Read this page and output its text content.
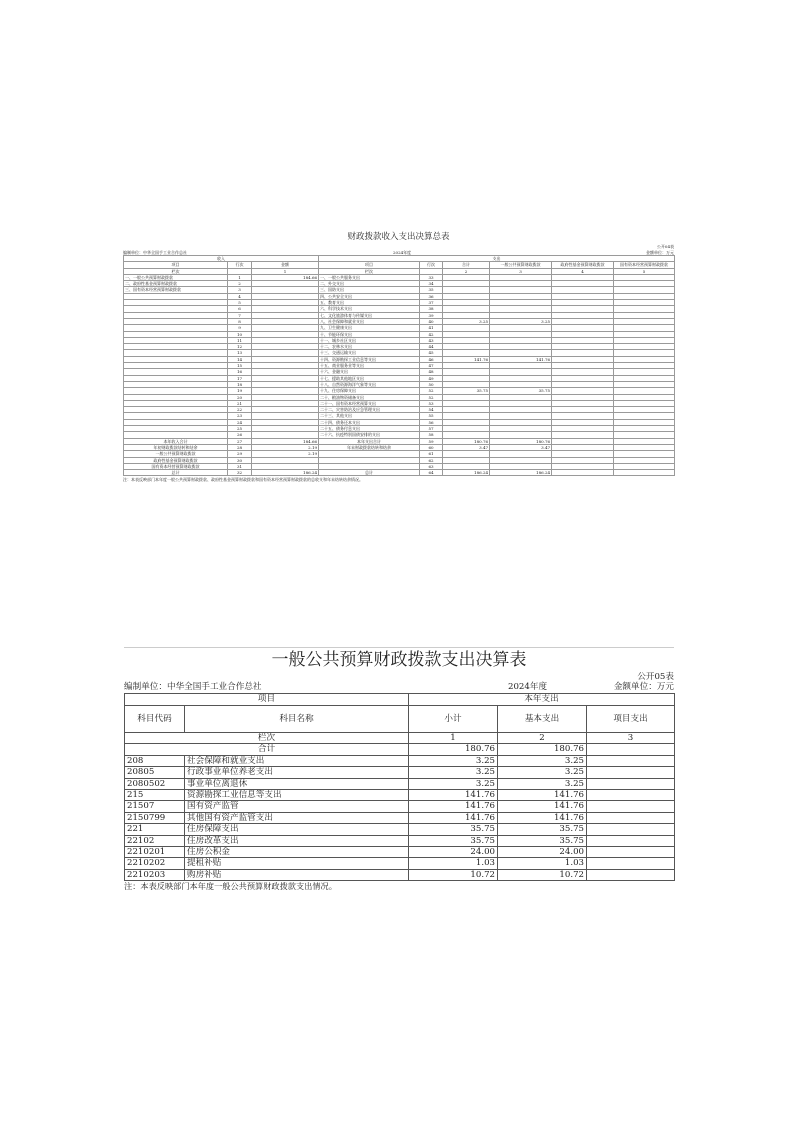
财政拨款收入支出决算总表
公开04表
编制单位：中华全国手工业合作总社	2024年度	金额单位：万元
收入			支出					
项目	行次	金额	项目	行次	合计	一般公共预算财政拨款	政府性基金预算财政拨款	国有资本经营预算财政拨款
栏次		1	栏次		2	3	4	5
一、一般公共预算财政拨款	1	184.66	一、一般公共服务支出	33				
二、政府性基金预算财政拨款	2		二、外交支出	34				
三、国有资本经营预算财政拨款	3		三、国防支出	35				
	4		四、公共安全支出	36				
	5		五、教育支出	37				
	6		六、科学技术支出	38				
	7		七、文化旅游体育与传媒支出	39				
	8		八、社会保障和就业支出	40	3.25	3.25		
	9		九、卫生健康支出	41				
	10		十、节能环保支出	42				
	11		十一、城乡社区支出	43				
	12		十二、农林水支出	44				
	13		十三、交通运输支出	45				
	14		十四、资源勘探工业信息等支出	46	141.76	141.76		
	15		十五、商业服务业等支出	47				
	16		十六、金融支出	48				
	17		十七、援助其他地区支出	49				
	18		十八、自然资源海洋气象等支出	50				
	19		十九、住房保障支出	52	35.75	35.75		
	20		二十、粮油物资储备支出	52				
	21		二十一、国有资本经营预算支出	53				
	22		二十二、灾害防治及应急管理支出	54				
	23		二十三、其他支出	55				
	24		二十四、债务还本支出	56				
	25		二十五、债务付息支出	57				
	26		二十六、抗疫特别国债安排的支出	58				
本年收入合计	27	184.66	本年支出合计	59	180.76	180.76		
年初财政拨款结转和结余	28	2.19	年末财政拨款结转和结余	60	3.47	3.47		
一般公共预算财政拨款	29	2.19		61				
政府性基金预算财政拨款	30			62				
国有资本经营预算财政拨款	31			63				
总计	32	186.24	总计	64	186.24	186.24		
注：本表反映部门本年度一般公共预算财政拨款、政府性基金预算财政拨款和国有资本经营预算财政拨款的总收支和年末结转结余情况。
一般公共预算财政拨款支出决算表
公开05表
编制单位：中华全国手工业合作总社	2024年度	金额单位：万元
项目		本年支出		
科目代码	科目名称	小计	基本支出	项目支出
栏次		1	2	3
合计		180.76	180.76	
208	社会保障和就业支出	3.25	3.25	
20805	行政事业单位养老支出	3.25	3.25	
2080502	事业单位离退休	3.25	3.25	
215	资源勘探工业信息等支出	141.76	141.76	
21507	国有资产监管	141.76	141.76	
2150799	其他国有资产监管支出	141.76	141.76	
221	住房保障支出	35.75	35.75	
22102	住房改革支出	35.75	35.75	
2210201	住房公积金	24.00	24.00	
2210202	提租补贴	1.03	1.03	
2210203	购房补贴	10.72	10.72	
注：本表反映部门本年度一般公共预算财政拨款支出情况。
